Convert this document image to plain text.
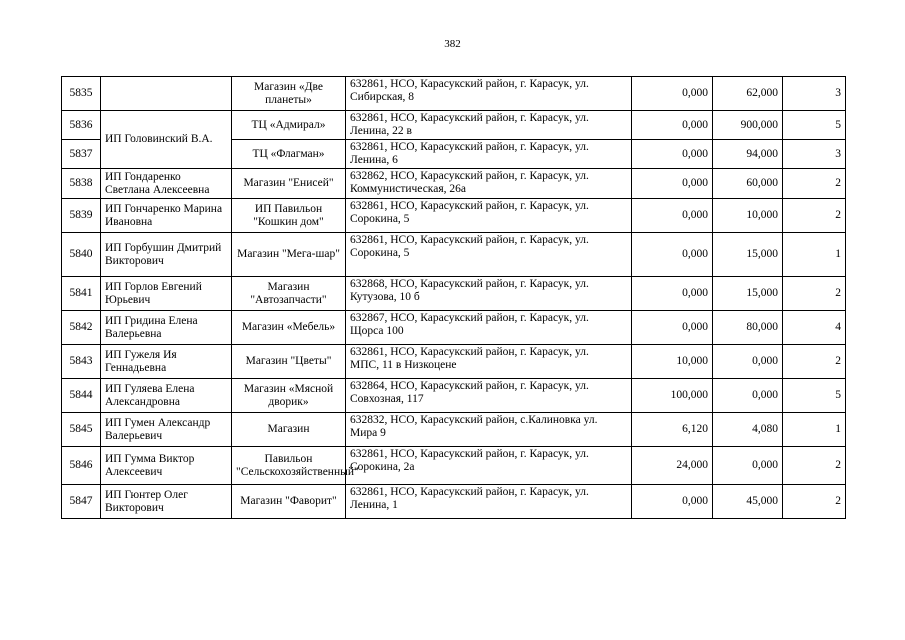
382
5835		Магазин «Две планеты»	632861, НСО, Карасукский район, г. Карасук, ул.
Сибирская, 8	0,000	62,000	3
5836	ИП Головинский В.А.	ТЦ «Адмирал»	632861, НСО, Карасукский район, г. Карасук, ул.
Ленина, 22 в	0,000	900,000	5
5837		ТЦ «Флагман»	632861, НСО, Карасукский район, г. Карасук, ул.
Ленина, 6	0,000	94,000	3
5838	ИП Гондаренко Светлана Алексеевна	Магазин "Енисей"	632862, НСО, Карасукский район, г. Карасук, ул.
Коммунистическая, 26а	0,000	60,000	2
5839	ИП Гончаренко Марина Ивановна	ИП Павильон "Кошкин дом"	632861, НСО, Карасукский район, г. Карасук, ул.
Сорокина, 5	0,000	10,000	2
5840	ИП Горбушин Дмитрий Викторович	Магазин "Мега-шар"	632861, НСО, Карасукский район, г. Карасук, ул.
Сорокина, 5	0,000	15,000	1
5841	ИП Горлов Евгений Юрьевич	Магазин "Автозапчасти"	632868, НСО, Карасукский район, г. Карасук, ул.
Кутузова, 10 б	0,000	15,000	2
5842	ИП Гридина Елена Валерьевна	Магазин «Мебель»	632867, НСО, Карасукский район, г. Карасук, ул.
Щорса 100	0,000	80,000	4
5843	ИП Гужеля Ия Геннадьевна	Магазин "Цветы"	632861, НСО, Карасукский район, г. Карасук, ул.
МПС, 11 в Низкоцене	10,000	0,000	2
5844	ИП Гуляева Елена Александровна	Магазин «Мясной дворик»	632864, НСО, Карасукский район, г. Карасук, ул.
Совхозная, 117	100,000	0,000	5
5845	ИП Гумен Александр Валерьевич	Магазин	632832, НСО, Карасукский район, с.Калиновка ул.
Мира 9	6,120	4,080	1
5846	ИП Гумма Виктор Алексеевич	Павильон "Сельскохозяйственный"	632861, НСО, Карасукский район, г. Карасук, ул.
Сорокина, 2а	24,000	0,000	2
5847	ИП Гюнтер Олег Викторович	Магазин "Фаворит"	632861, НСО, Карасукский район, г. Карасук, ул.
Ленина, 1	0,000	45,000	2
